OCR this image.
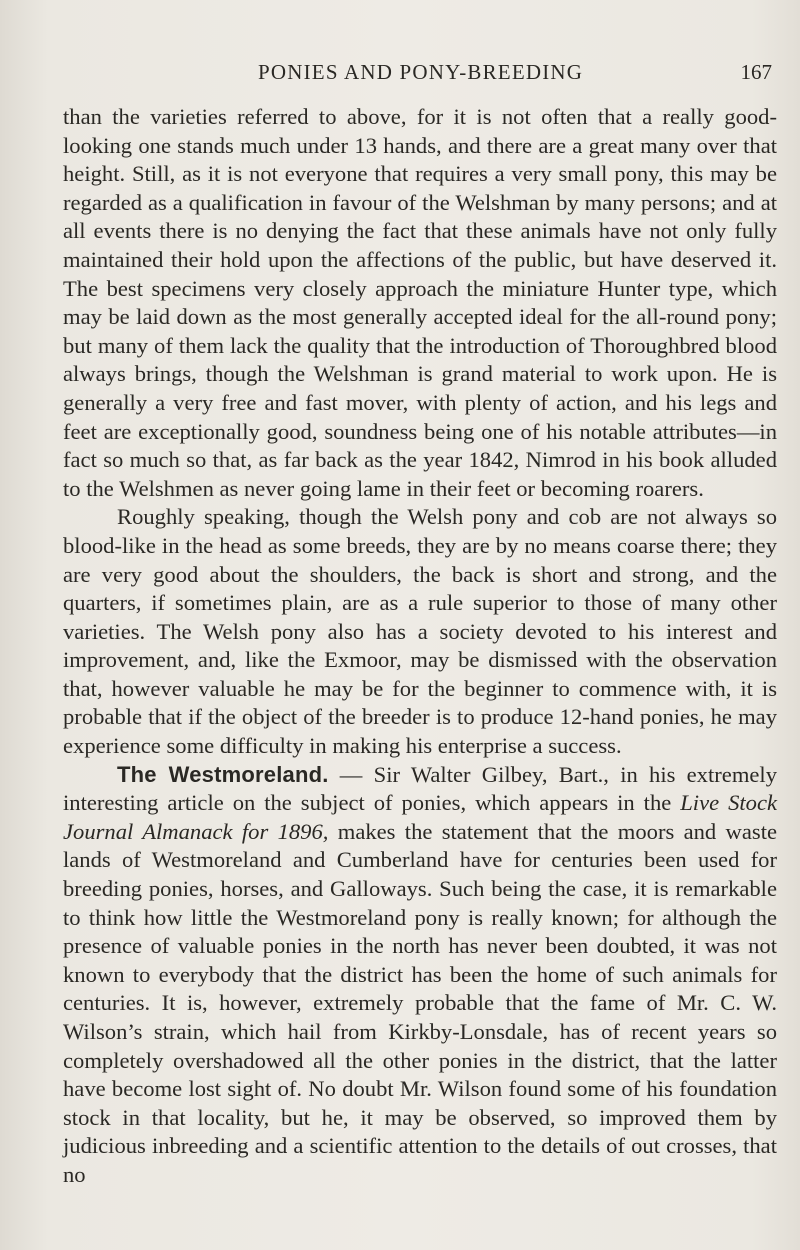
PONIES AND PONY-BREEDING	167

than the varieties referred to above, for it is not often that a really good-looking one stands much under 13 hands, and there are a great many over that height. Still, as it is not everyone that requires a very small pony, this may be regarded as a qualification in favour of the Welshman by many persons; and at all events there is no denying the fact that these animals have not only fully maintained their hold upon the affections of the public, but have deserved it. The best specimens very closely approach the miniature Hunter type, which may be laid down as the most generally accepted ideal for the all-round pony; but many of them lack the quality that the introduction of Thoroughbred blood always brings, though the Welshman is grand material to work upon. He is generally a very free and fast mover, with plenty of action, and his legs and feet are exceptionally good, soundness being one of his notable attributes—in fact so much so that, as far back as the year 1842, Nimrod in his book alluded to the Welshmen as never going lame in their feet or becoming roarers.

Roughly speaking, though the Welsh pony and cob are not always so blood-like in the head as some breeds, they are by no means coarse there; they are very good about the shoulders, the back is short and strong, and the quarters, if sometimes plain, are as a rule superior to those of many other varieties. The Welsh pony also has a society devoted to his interest and improvement, and, like the Exmoor, may be dismissed with the observation that, however valuable he may be for the beginner to commence with, it is probable that if the object of the breeder is to produce 12-hand ponies, he may experience some difficulty in making his enterprise a success.

The Westmoreland. — Sir Walter Gilbey, Bart., in his extremely interesting article on the subject of ponies, which appears in the Live Stock Journal Almanack for 1896, makes the statement that the moors and waste lands of Westmoreland and Cumberland have for centuries been used for breeding ponies, horses, and Galloways. Such being the case, it is remarkable to think how little the Westmoreland pony is really known; for although the presence of valuable ponies in the north has never been doubted, it was not known to everybody that the district has been the home of such animals for centuries. It is, however, extremely probable that the fame of Mr. C. W. Wilson’s strain, which hail from Kirkby-Lonsdale, has of recent years so completely overshadowed all the other ponies in the district, that the latter have become lost sight of. No doubt Mr. Wilson found some of his foundation stock in that locality, but he, it may be observed, so improved them by judicious inbreeding and a scientific attention to the details of out crosses, that no
